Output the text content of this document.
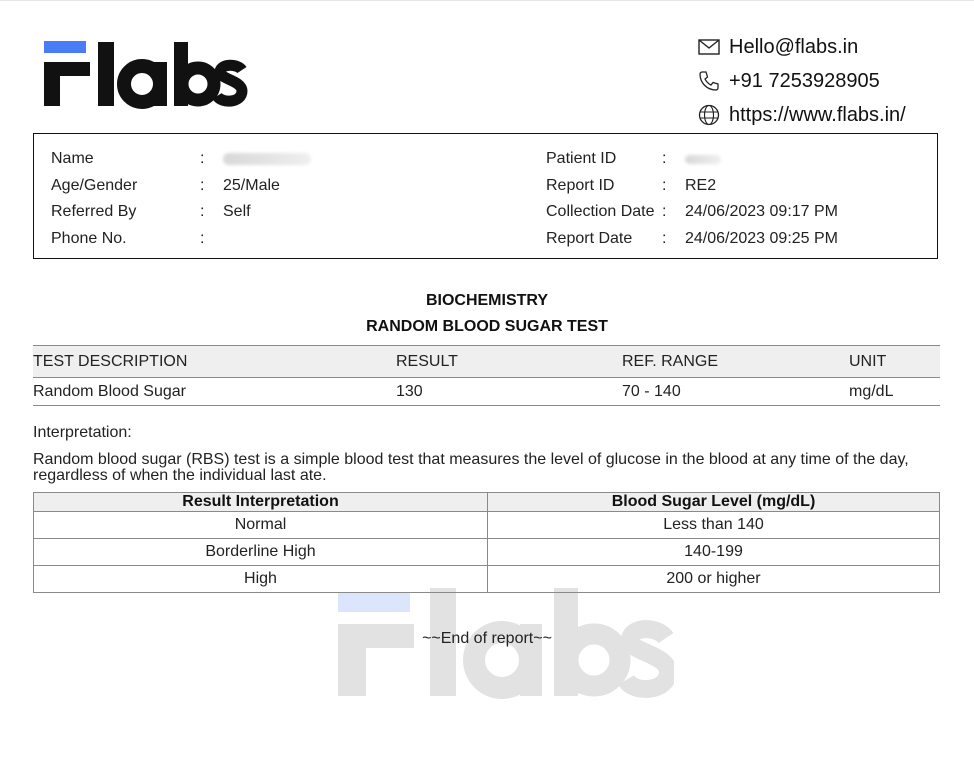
Hello@flabs.in
+91 7253928905
https://www.flabs.in/
Name	:
Age/Gender	:	25/Male
Referred By	:	Self
Phone No.	:
Patient ID	:
Report ID	:	RE2
Collection Date :	24/06/2023 09:17 PM
Report Date	:	24/06/2023 09:25 PM
BIOCHEMISTRY
RANDOM BLOOD SUGAR TEST
TEST DESCRIPTION	RESULT	REF. RANGE	UNIT
Random Blood Sugar	130	70 - 140	mg/dL
Interpretation:
Random blood sugar (RBS) test is a simple blood test that measures the level of glucose in the blood at any time of the day, regardless of when the individual last ate.
Result Interpretation	Blood Sugar Level (mg/dL)
Normal	Less than 140
Borderline High	140-199
High	200 or higher
~~End of report~~
